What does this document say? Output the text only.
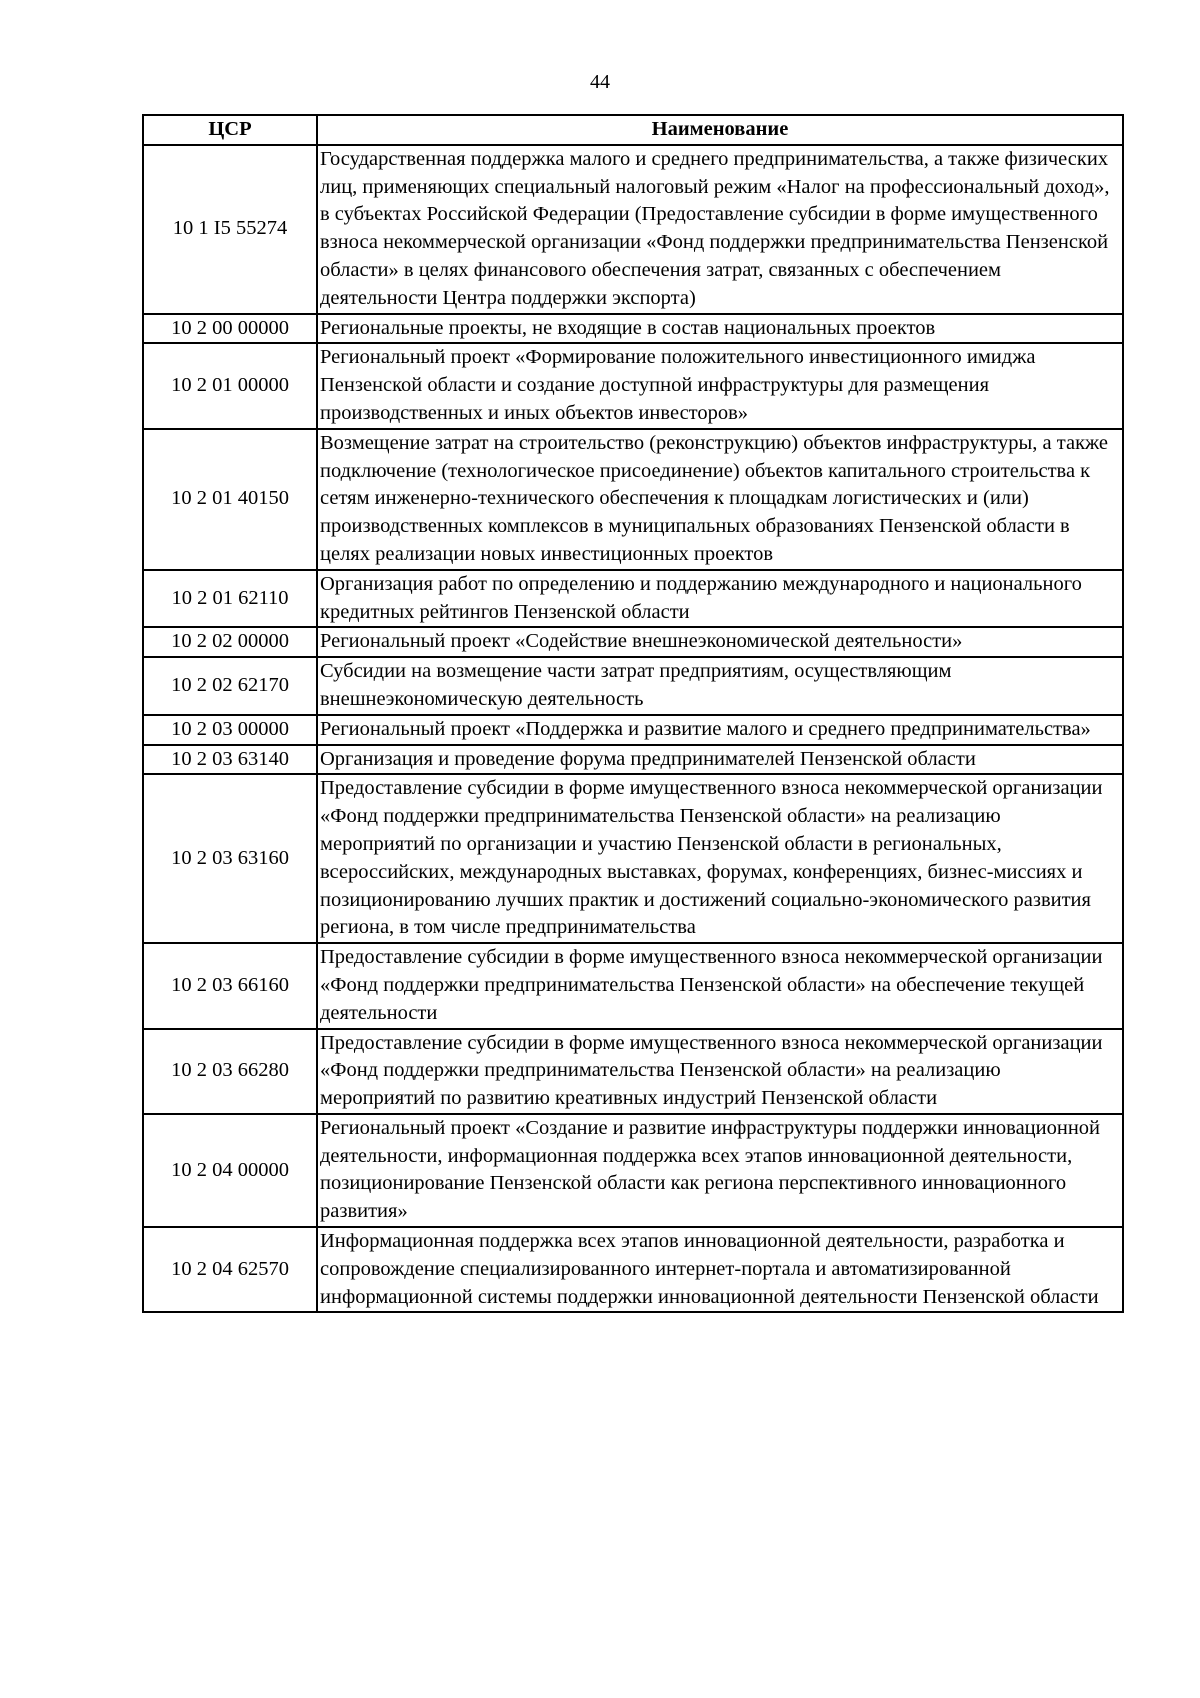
44
ЦСР	Наименование
10 1 I5 55274	Государственная поддержка малого и среднего предпринимательства, а также физических лиц, применяющих специальный налоговый режим «Налог на профессиональный доход», в субъектах Российской Федерации (Предоставление субсидии в форме имущественного взноса некоммерческой организации «Фонд поддержки предпринимательства Пензенской области» в целях финансового обеспечения затрат, связанных с обеспечением деятельности Центра поддержки экспорта)
10 2 00 00000	Региональные проекты, не входящие в состав национальных проектов
10 2 01 00000	Региональный проект «Формирование положительного инвестиционного имиджа Пензенской области и создание доступной инфраструктуры для размещения производственных и иных объектов инвесторов»
10 2 01 40150	Возмещение затрат на строительство (реконструкцию) объектов инфраструктуры, а также подключение (технологическое присоединение) объектов капитального строительства к сетям инженерно-технического обеспечения к площадкам логистических и (или) производственных комплексов в муниципальных образованиях Пензенской области в целях реализации новых инвестиционных проектов
10 2 01 62110	Организация работ по определению и поддержанию международного и национального кредитных рейтингов Пензенской области
10 2 02 00000	Региональный проект «Содействие внешнеэкономической деятельности»
10 2 02 62170	Субсидии на возмещение части затрат предприятиям, осуществляющим внешнеэкономическую деятельность
10 2 03 00000	Региональный проект «Поддержка и развитие малого и среднего предпринимательства»
10 2 03 63140	Организация и проведение форума предпринимателей Пензенской области
10 2 03 63160	Предоставление субсидии в форме имущественного взноса некоммерческой организации «Фонд поддержки предпринимательства Пензенской области» на реализацию мероприятий по организации и участию Пензенской области в региональных, всероссийских, международных выставках, форумах, конференциях, бизнес-миссиях и позиционированию лучших практик и достижений социально-экономического развития региона, в том числе предпринимательства
10 2 03 66160	Предоставление субсидии в форме имущественного взноса некоммерческой организации «Фонд поддержки предпринимательства Пензенской области» на обеспечение текущей деятельности
10 2 03 66280	Предоставление субсидии в форме имущественного взноса некоммерческой организации «Фонд поддержки предпринимательства Пензенской области» на реализацию мероприятий по развитию креативных индустрий Пензенской области
10 2 04 00000	Региональный проект «Создание и развитие инфраструктуры поддержки инновационной деятельности, информационная поддержка всех этапов инновационной деятельности, позиционирование Пензенской области как региона перспективного инновационного развития»
10 2 04 62570	Информационная поддержка всех этапов инновационной деятельности, разработка и сопровождение специализированного интернет-портала и автоматизированной информационной системы поддержки инновационной деятельности Пензенской области
